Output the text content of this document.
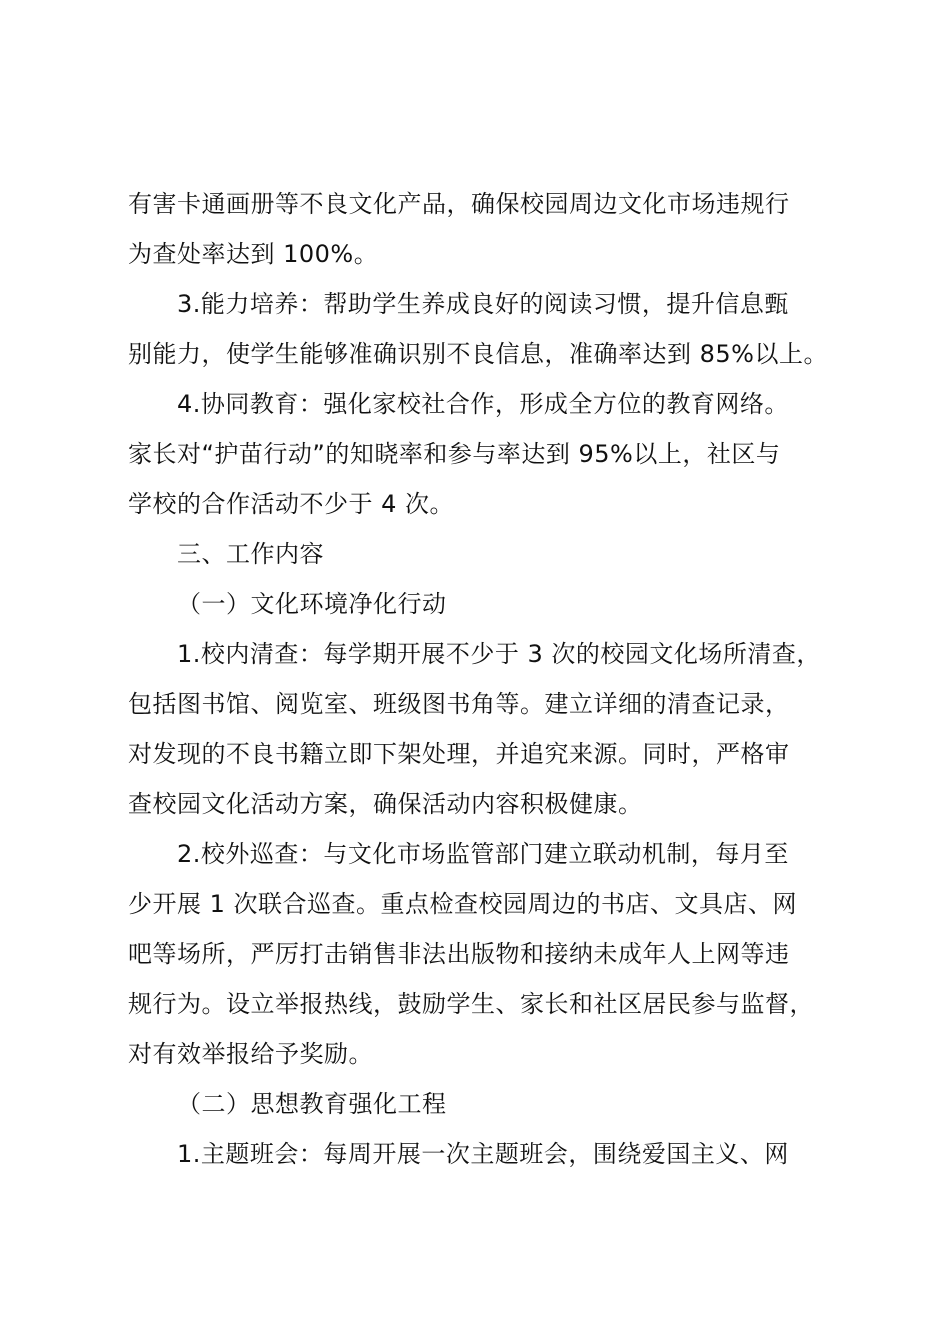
有害卡通画册等不良文化产品，确保校园周边文化市场违规行
为查处率达到 100%。
3.能力培养：帮助学生养成良好的阅读习惯，提升信息甄
别能力，使学生能够准确识别不良信息，准确率达到 85%以上。
4.协同教育：强化家校社合作，形成全方位的教育网络。
家长对“护苗行动”的知晓率和参与率达到 95%以上，社区与
学校的合作活动不少于 4 次。
三、工作内容
（一）文化环境净化行动
1.校内清查：每学期开展不少于 3 次的校园文化场所清查，
包括图书馆、阅览室、班级图书角等。建立详细的清查记录，
对发现的不良书籍立即下架处理，并追究来源。同时，严格审
查校园文化活动方案，确保活动内容积极健康。
2.校外巡查：与文化市场监管部门建立联动机制，每月至
少开展 1 次联合巡查。重点检查校园周边的书店、文具店、网
吧等场所，严厉打击销售非法出版物和接纳未成年人上网等违
规行为。设立举报热线，鼓励学生、家长和社区居民参与监督，
对有效举报给予奖励。
（二）思想教育强化工程
1.主题班会：每周开展一次主题班会，围绕爱国主义、网
